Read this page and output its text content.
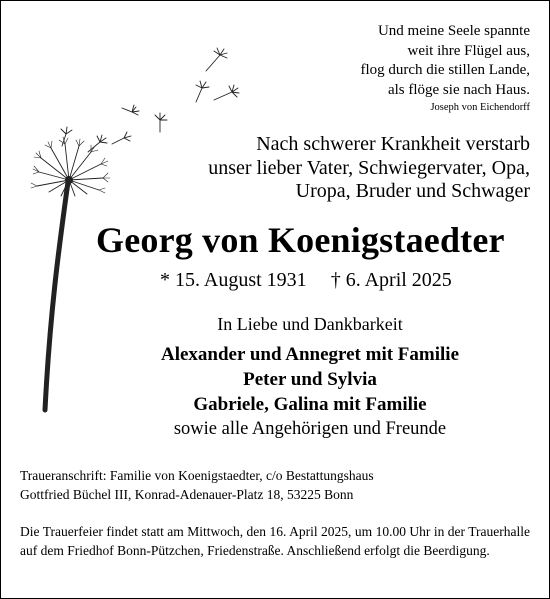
Und meine Seele spannte
weit ihre Flügel aus,
flog durch die stillen Lande,
als flöge sie nach Haus.
Joseph von Eichendorff
Nach schwerer Krankheit verstarb
unser lieber Vater, Schwiegervater, Opa,
Uropa, Bruder und Schwager
Georg von Koenigstaedter
* 15. August 1931 † 6. April 2025
In Liebe und Dankbarkeit
Alexander und Annegret mit Familie
Peter und Sylvia
Gabriele, Galina mit Familie
sowie alle Angehörigen und Freunde
Traueranschrift: Familie von Koenigstaedter, c/o Bestattungshaus
Gottfried Büchel III, Konrad-Adenauer-Platz 18, 53225 Bonn
Die Trauerfeier findet statt am Mittwoch, den 16. April 2025, um 10.00 Uhr in der Trauerhalle auf dem Friedhof Bonn-Pützchen, Friedenstraße. Anschließend erfolgt die Beerdigung.
